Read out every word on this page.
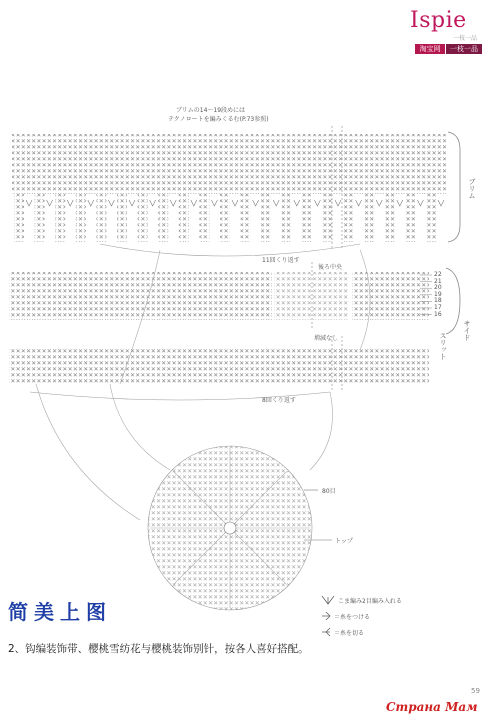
Ispie
一枝一品
淘宝网	一枝一品
ブリムの14～19段めには
テクノロートを編みくるむ(P.73参照)
ブリム
サイド
スリット
11回くり返す
後ろ中央
増減なし
8回くり返す
80目
トップ
22
21
20
19
18
17
16
こま編み2目編み入れる
＝糸をつける
＝糸を切る
简美上图
2、钩编装饰带、樱桃雪纺花与樱桃装饰别针，按各人喜好搭配。
59
Страна Мам
